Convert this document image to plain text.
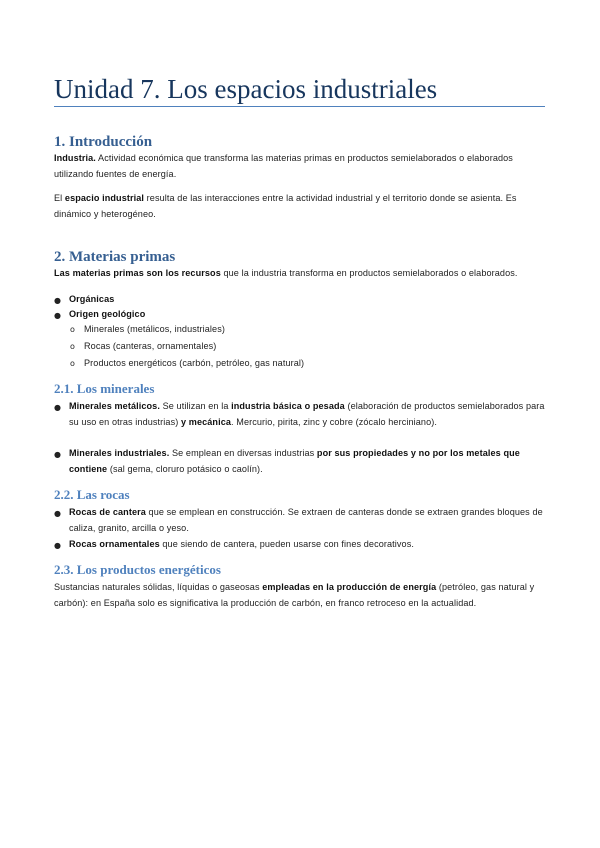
Unidad 7. Los espacios industriales
1. Introducción

Industria. Actividad económica que transforma las materias primas en productos semielaborados o elaborados utilizando fuentes de energía.

El espacio industrial resulta de las interacciones entre la actividad industrial y el territorio donde se asienta. Es dinámico y heterogéneo.

2. Materias primas

Las materias primas son los recursos que la industria transforma en productos semielaborados o elaborados.

● Orgánicas

● Origen geológico

o Minerales (metálicos, industriales)

o Rocas (canteras, ornamentales)

o Productos energéticos (carbón, petróleo, gas natural)

2.1. Los minerales
● Minerales metálicos. Se utilizan en la industria básica o pesada (elaboración de productos semielaborados para su uso en otras industrias) y mecánica. Mercurio, pirita, zinc y cobre (zócalo herciniano).

● Minerales industriales. Se emplean en diversas industrias por sus propiedades y no por los metales que contiene (sal gema, cloruro potásico o caolín).

2.2. Las rocas
● Rocas de cantera que se emplean en construcción. Se extraen de canteras donde se extraen grandes bloques de caliza, granito, arcilla o yeso.

● Rocas ornamentales que siendo de cantera, pueden usarse con fines decorativos.

2.3. Los productos energéticos

Sustancias naturales sólidas, líquidas o gaseosas empleadas en la producción de energía (petróleo, gas natural y carbón): en España solo es significativa la producción de carbón, en franco retroceso en la actualidad.
